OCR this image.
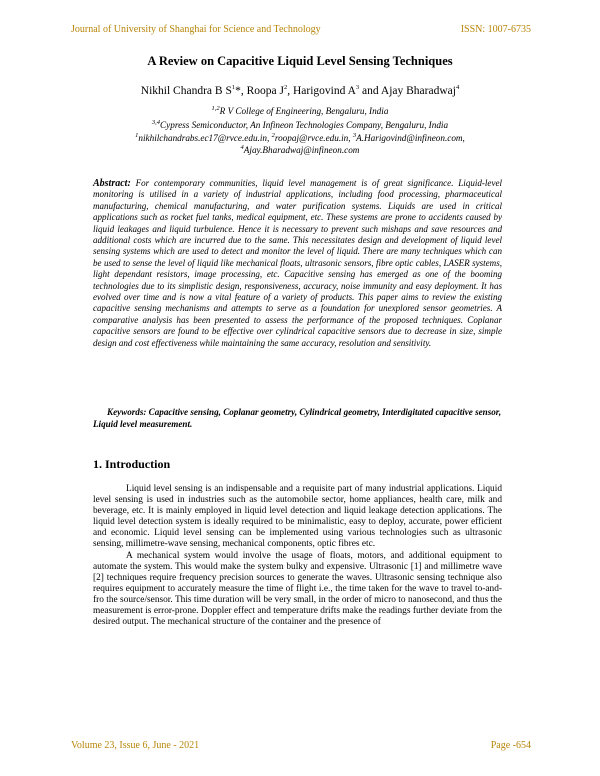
Journal of University of Shanghai for Science and Technology	ISSN: 1007-6735
A Review on Capacitive Liquid Level Sensing Techniques
Nikhil Chandra B $S^1*$, Roopa $J^2$, Harigovind $A^3$ and Ajay Bharadwaj$^4$
$^{1,2}$R V College of Engineering, Bengaluru, India
$^{3,4}$Cypress Semiconductor, An Infineon Technologies Company, Bengaluru, India
$^1$nikhilchandrabs.ec17@rvce.edu.in, $^2$roopaj@rvce.edu.in, $^3$A.Harigovind@infineon.com,
$^4$Ajay.Bharadwaj@infineon.com
Abstract: For contemporary communities, liquid level management is of great significance. Liquid-level monitoring is utilised in a variety of industrial applications, including food processing, pharmaceutical manufacturing, chemical manufacturing, and water purification systems. Liquids are used in critical applications such as rocket fuel tanks, medical equipment, etc. These systems are prone to accidents caused by liquid leakages and liquid turbulence. Hence it is necessary to prevent such mishaps and save resources and additional costs which are incurred due to the same. This necessitates design and development of liquid level sensing systems which are used to detect and monitor the level of liquid. There are many techniques which can be used to sense the level of liquid like mechanical floats, ultrasonic sensors, fibre optic cables, LASER systems, light dependant resistors, image processing, etc. Capacitive sensing has emerged as one of the booming technologies due to its simplistic design, responsiveness, accuracy, noise immunity and easy deployment. It has evolved over time and is now a vital feature of a variety of products. This paper aims to review the existing capacitive sensing mechanisms and attempts to serve as a foundation for unexplored sensor geometries. A comparative analysis has been presented to assess the performance of the proposed techniques. Coplanar capacitive sensors are found to be effective over cylindrical capacitive sensors due to decrease in size, simple design and cost effectiveness while maintaining the same accuracy, resolution and sensitivity.
Keywords: Capacitive sensing, Coplanar geometry, Cylindrical geometry, Interdigitated capacitive sensor, Liquid level measurement.
1. Introduction

Liquid level sensing is an indispensable and a requisite part of many industrial applications. Liquid level sensing is used in industries such as the automobile sector, home appliances, health care, milk and beverage, etc. It is mainly employed in liquid level detection and liquid leakage detection applications. The liquid level detection system is ideally required to be minimalistic, easy to deploy, accurate, power efficient and economic. Liquid level sensing can be implemented using various technologies such as ultrasonic sensing, millimetre-wave sensing, mechanical components, optic fibres etc.

A mechanical system would involve the usage of floats, motors, and additional equipment to automate the system. This would make the system bulky and expensive. Ultrasonic [1] and millimetre wave [2] techniques require frequency precision sources to generate the waves. Ultrasonic sensing technique also requires equipment to accurately measure the time of flight i.e., the time taken for the wave to travel to-and-fro the source/sensor. This time duration will be very small, in the order of micro to nanosecond, and thus the measurement is error-prone. Doppler effect and temperature drifts make the readings further deviate from the desired output. The mechanical structure of the container and the presence of

Volume 23, Issue 6, June - 2021	Page -654
